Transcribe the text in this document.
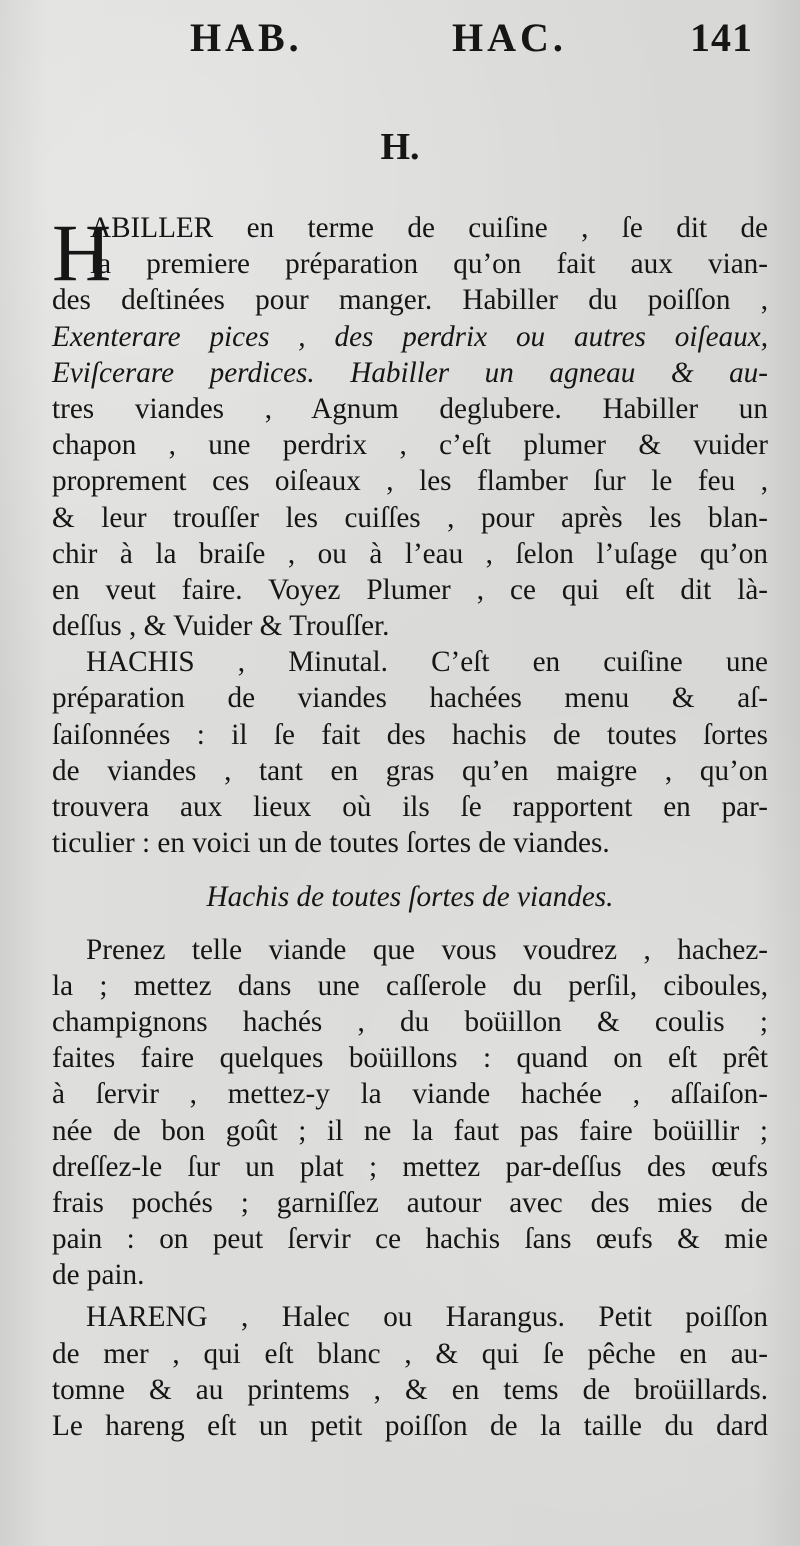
HAB.	HAC.	141
H.
H
ABILLER en terme de cuiſine , ſe dit de
la premiere préparation qu’on fait aux vian-
des deſtinées pour manger. Habiller du poiſſon ,
Exenterare pices , des perdrix ou autres oiſeaux,
Eviſcerare perdices. Habiller un agneau & au-
tres viandes , Agnum deglubere. Habiller un
chapon , une perdrix , c’eſt plumer & vuider
proprement ces oiſeaux , les flamber ſur le feu ,
& leur trouſſer les cuiſſes , pour après les blan-
chir à la braiſe , ou à l’eau , ſelon l’uſage qu’on
en veut faire. Voyez Plumer , ce qui eſt dit là-
deſſus , & Vuider & Trouſſer.
HACHIS , Minutal. C’eſt en cuiſine une
préparation de viandes hachées menu & aſ-
ſaiſonnées : il ſe fait des hachis de toutes ſortes
de viandes , tant en gras qu’en maigre , qu’on
trouvera aux lieux où ils ſe rapportent en par-
ticulier : en voici un de toutes ſortes de viandes.
Hachis de toutes ſortes de viandes.
Prenez telle viande que vous voudrez , hachez-
la ; mettez dans une caſſerole du perſil, ciboules,
champignons hachés , du boüillon & coulis ;
faites faire quelques boüillons : quand on eſt prêt
à ſervir , mettez-y la viande hachée , aſſaiſon-
née de bon goût ; il ne la faut pas faire boüillir ;
dreſſez-le ſur un plat ; mettez par-deſſus des œufs
frais pochés ; garniſſez autour avec des mies de
pain : on peut ſervir ce hachis ſans œufs & mie
de pain.
HARENG , Halec ou Harangus. Petit poiſſon
de mer , qui eſt blanc , & qui ſe pêche en au-
tomne & au printems , & en tems de broüillards.
Le hareng eſt un petit poiſſon de la taille du dard
